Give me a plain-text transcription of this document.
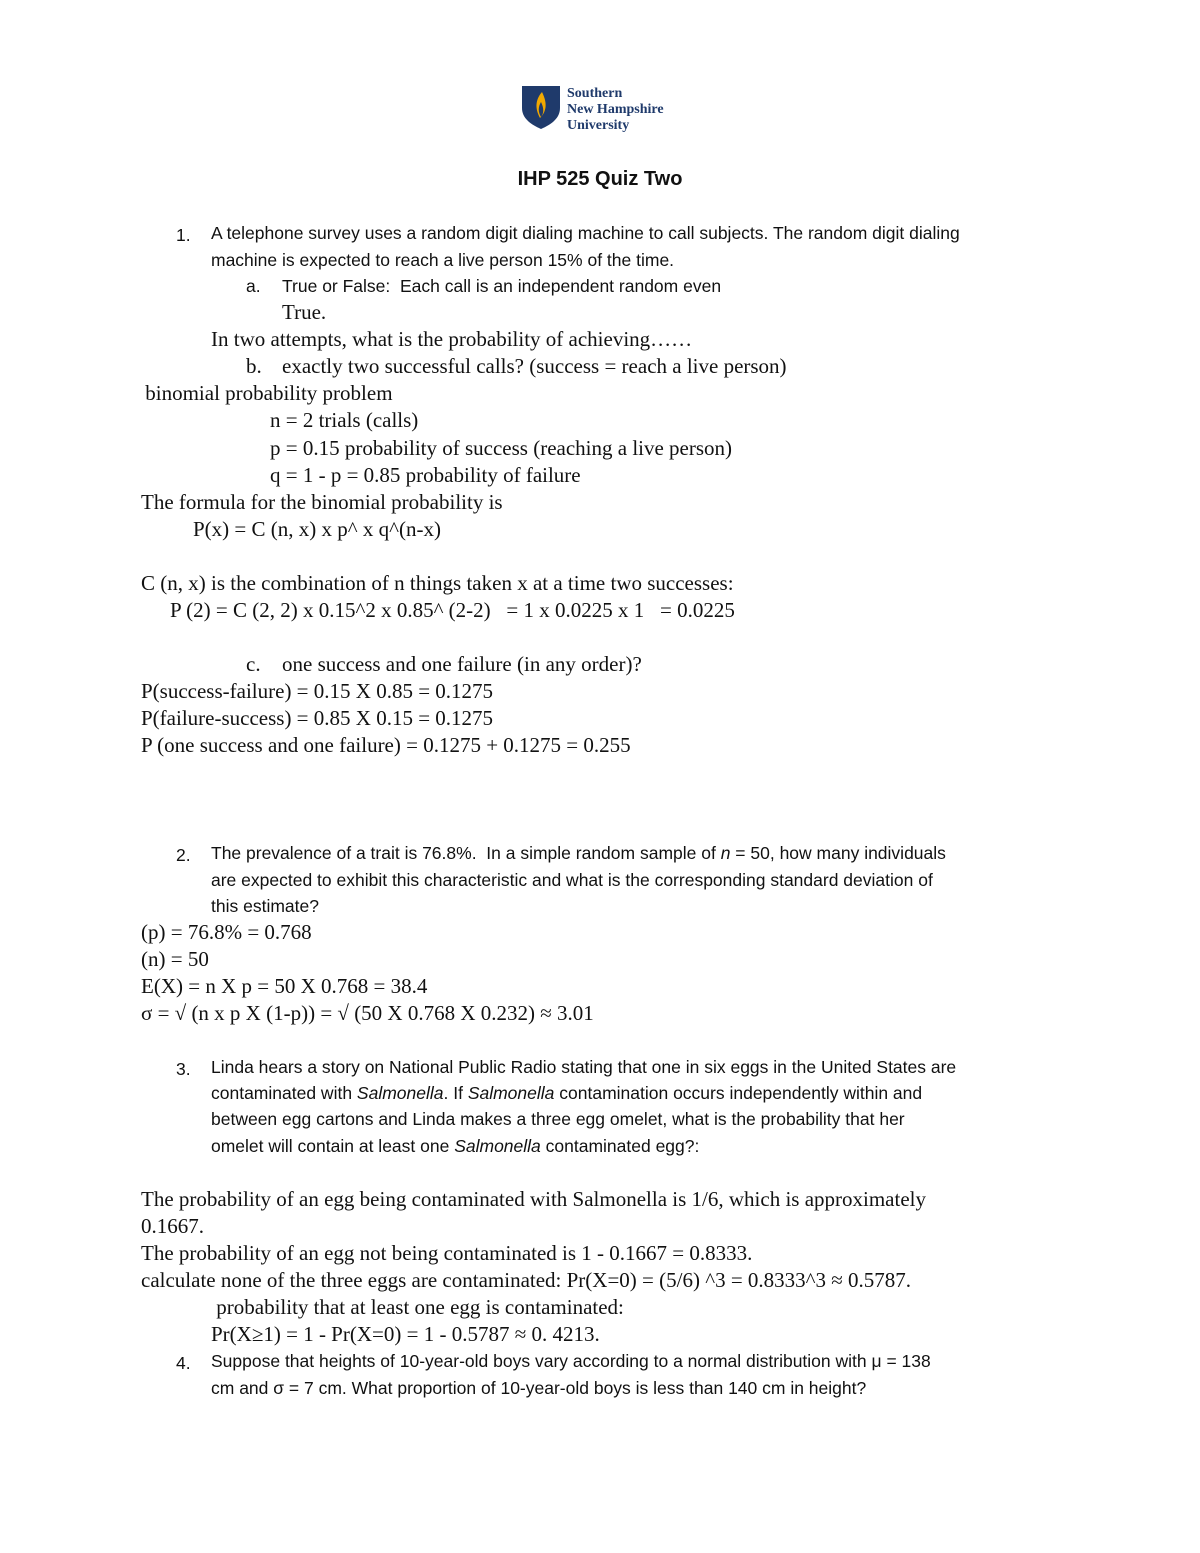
Southern
New Hampshire
University
IHP 525 Quiz Two
1. A telephone survey uses a random digit dialing machine to call subjects. The random digit dialing
machine is expected to reach a live person 15% of the time.
a. True or False:  Each call is an independent random even
True.
In two attempts, what is the probability of achieving……
b. exactly two successful calls? (success = reach a live person)
binomial probability problem
n = 2 trials (calls)
p = 0.15 probability of success (reaching a live person)
q = 1 - p = 0.85 probability of failure
The formula for the binomial probability is
P(x) = C (n, x) x p^ x q^(n-x)
C (n, x) is the combination of n things taken x at a time two successes:
P (2) = C (2, 2) x 0.15^2 x 0.85^ (2-2)   = 1 x 0.0225 x 1   = 0.0225
c. one success and one failure (in any order)?
P(success-failure) = 0.15 X 0.85 = 0.1275
P(failure-success) = 0.85 X 0.15 = 0.1275
P (one success and one failure) = 0.1275 + 0.1275 = 0.255
2. The prevalence of a trait is 76.8%.  In a simple random sample of n = 50, how many individuals
are expected to exhibit this characteristic and what is the corresponding standard deviation of
this estimate?
(p) = 76.8% = 0.768
(n) = 50
E(X) = n X p = 50 X 0.768 = 38.4
σ = √ (n x p X (1-p)) = √ (50 X 0.768 X 0.232) ≈ 3.01
3. Linda hears a story on National Public Radio stating that one in six eggs in the United States are
contaminated with Salmonella. If Salmonella contamination occurs independently within and
between egg cartons and Linda makes a three egg omelet, what is the probability that her
omelet will contain at least one Salmonella contaminated egg?:
The probability of an egg being contaminated with Salmonella is 1/6, which is approximately
0.1667.
The probability of an egg not being contaminated is 1 - 0.1667 = 0.8333.
calculate none of the three eggs are contaminated: Pr(X=0) = (5/6) ^3 = 0.8333^3 ≈ 0.5787.
probability that at least one egg is contaminated:
Pr(X≥1) = 1 - Pr(X=0) = 1 - 0.5787 ≈ 0. 4213.
4. Suppose that heights of 10-year-old boys vary according to a normal distribution with μ = 138
cm and σ = 7 cm. What proportion of 10-year-old boys is less than 140 cm in height?
